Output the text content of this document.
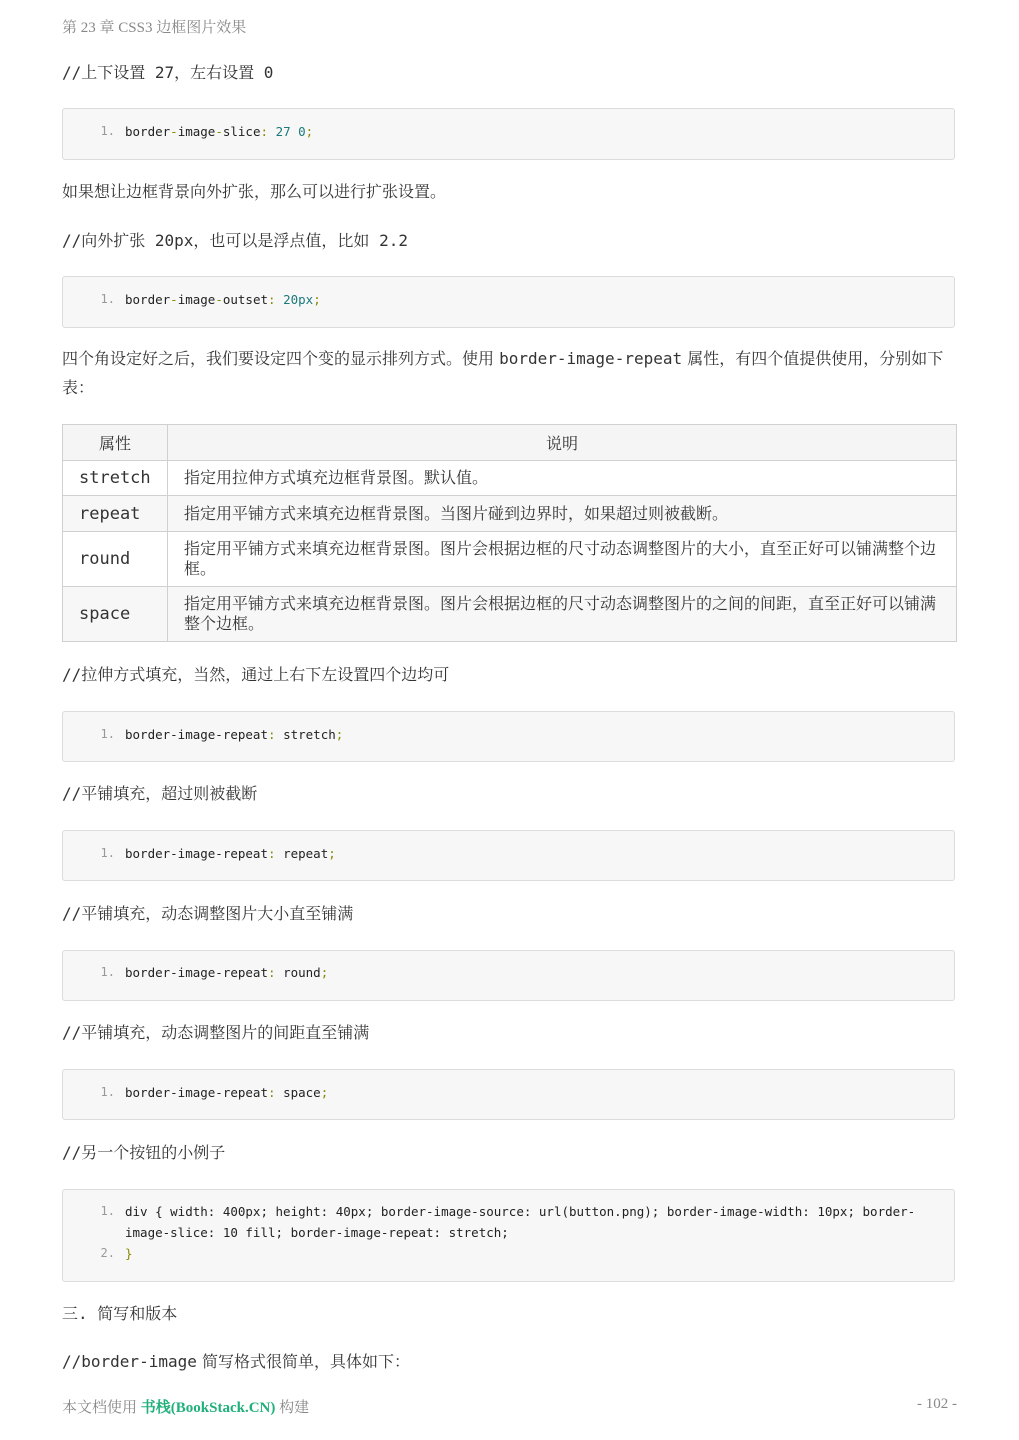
第 23 章 CSS3 边框图片效果
//上下设置 27，左右设置 0
1. border-image-slice: 27 0;
如果想让边框背景向外扩张，那么可以进行扩张设置。
//向外扩张 20px，也可以是浮点值，比如 2.2
1. border-image-outset: 20px;
四个角设定好之后，我们要设定四个变的显示排列方式。使用 border-image-repeat 属性，有四个值提供使用，分别如下表：
属性	说明
stretch	指定用拉伸方式填充边框背景图。默认值。
repeat	指定用平铺方式来填充边框背景图。当图片碰到边界时，如果超过则被截断。
round	指定用平铺方式来填充边框背景图。图片会根据边框的尺寸动态调整图片的大小，直至正好可以铺满整个边框。
space	指定用平铺方式来填充边框背景图。图片会根据边框的尺寸动态调整图片的之间的间距，直至正好可以铺满整个边框。
//拉伸方式填充，当然，通过上右下左设置四个边均可
1. border-image-repeat: stretch;
//平铺填充，超过则被截断
1. border-image-repeat: repeat;
//平铺填充，动态调整图片大小直至铺满
1. border-image-repeat: round;
//平铺填充，动态调整图片的间距直至铺满
1. border-image-repeat: space;
//另一个按钮的小例子
1. div { width: 400px; height: 40px; border-image-source: url(button.png); border-image-width: 10px; border-
image-slice: 10 fill; border-image-repeat: stretch;
2. }
三. 简写和版本
//border-image 简写格式很简单，具体如下：
本文档使用 书栈(BookStack.CN) 构建	- 102 -
